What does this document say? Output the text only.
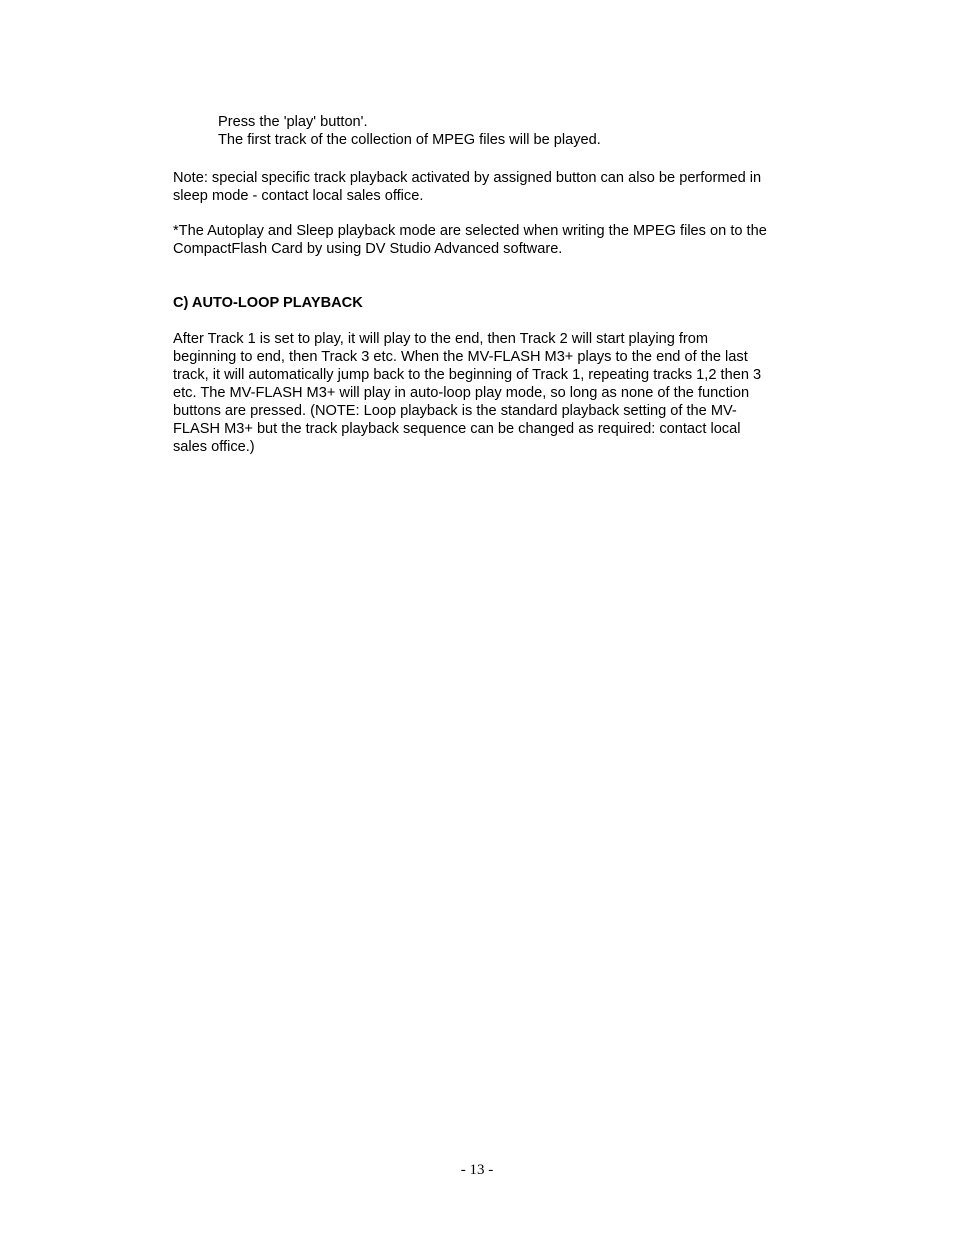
Press the 'play' button'.
The first track of the collection of MPEG files will be played.
Note: special specific track playback activated by assigned button can also be performed in
sleep mode - contact local sales office.
*The Autoplay and Sleep playback mode are selected when writing the MPEG files on to the
CompactFlash Card by using DV Studio Advanced software.
C) AUTO-LOOP PLAYBACK
After Track 1 is set to play, it will play to the end, then Track 2 will start playing from
beginning to end, then Track 3 etc. When the MV-FLASH M3+ plays to the end of the last
track, it will automatically jump back to the beginning of Track 1, repeating tracks 1,2 then 3
etc. The MV-FLASH M3+ will play in auto-loop play mode, so long as none of the function
buttons are pressed. (NOTE: Loop playback is the standard playback setting of the MV-
FLASH M3+ but the track playback sequence can be changed as required: contact local
sales office.)
- 13 -
